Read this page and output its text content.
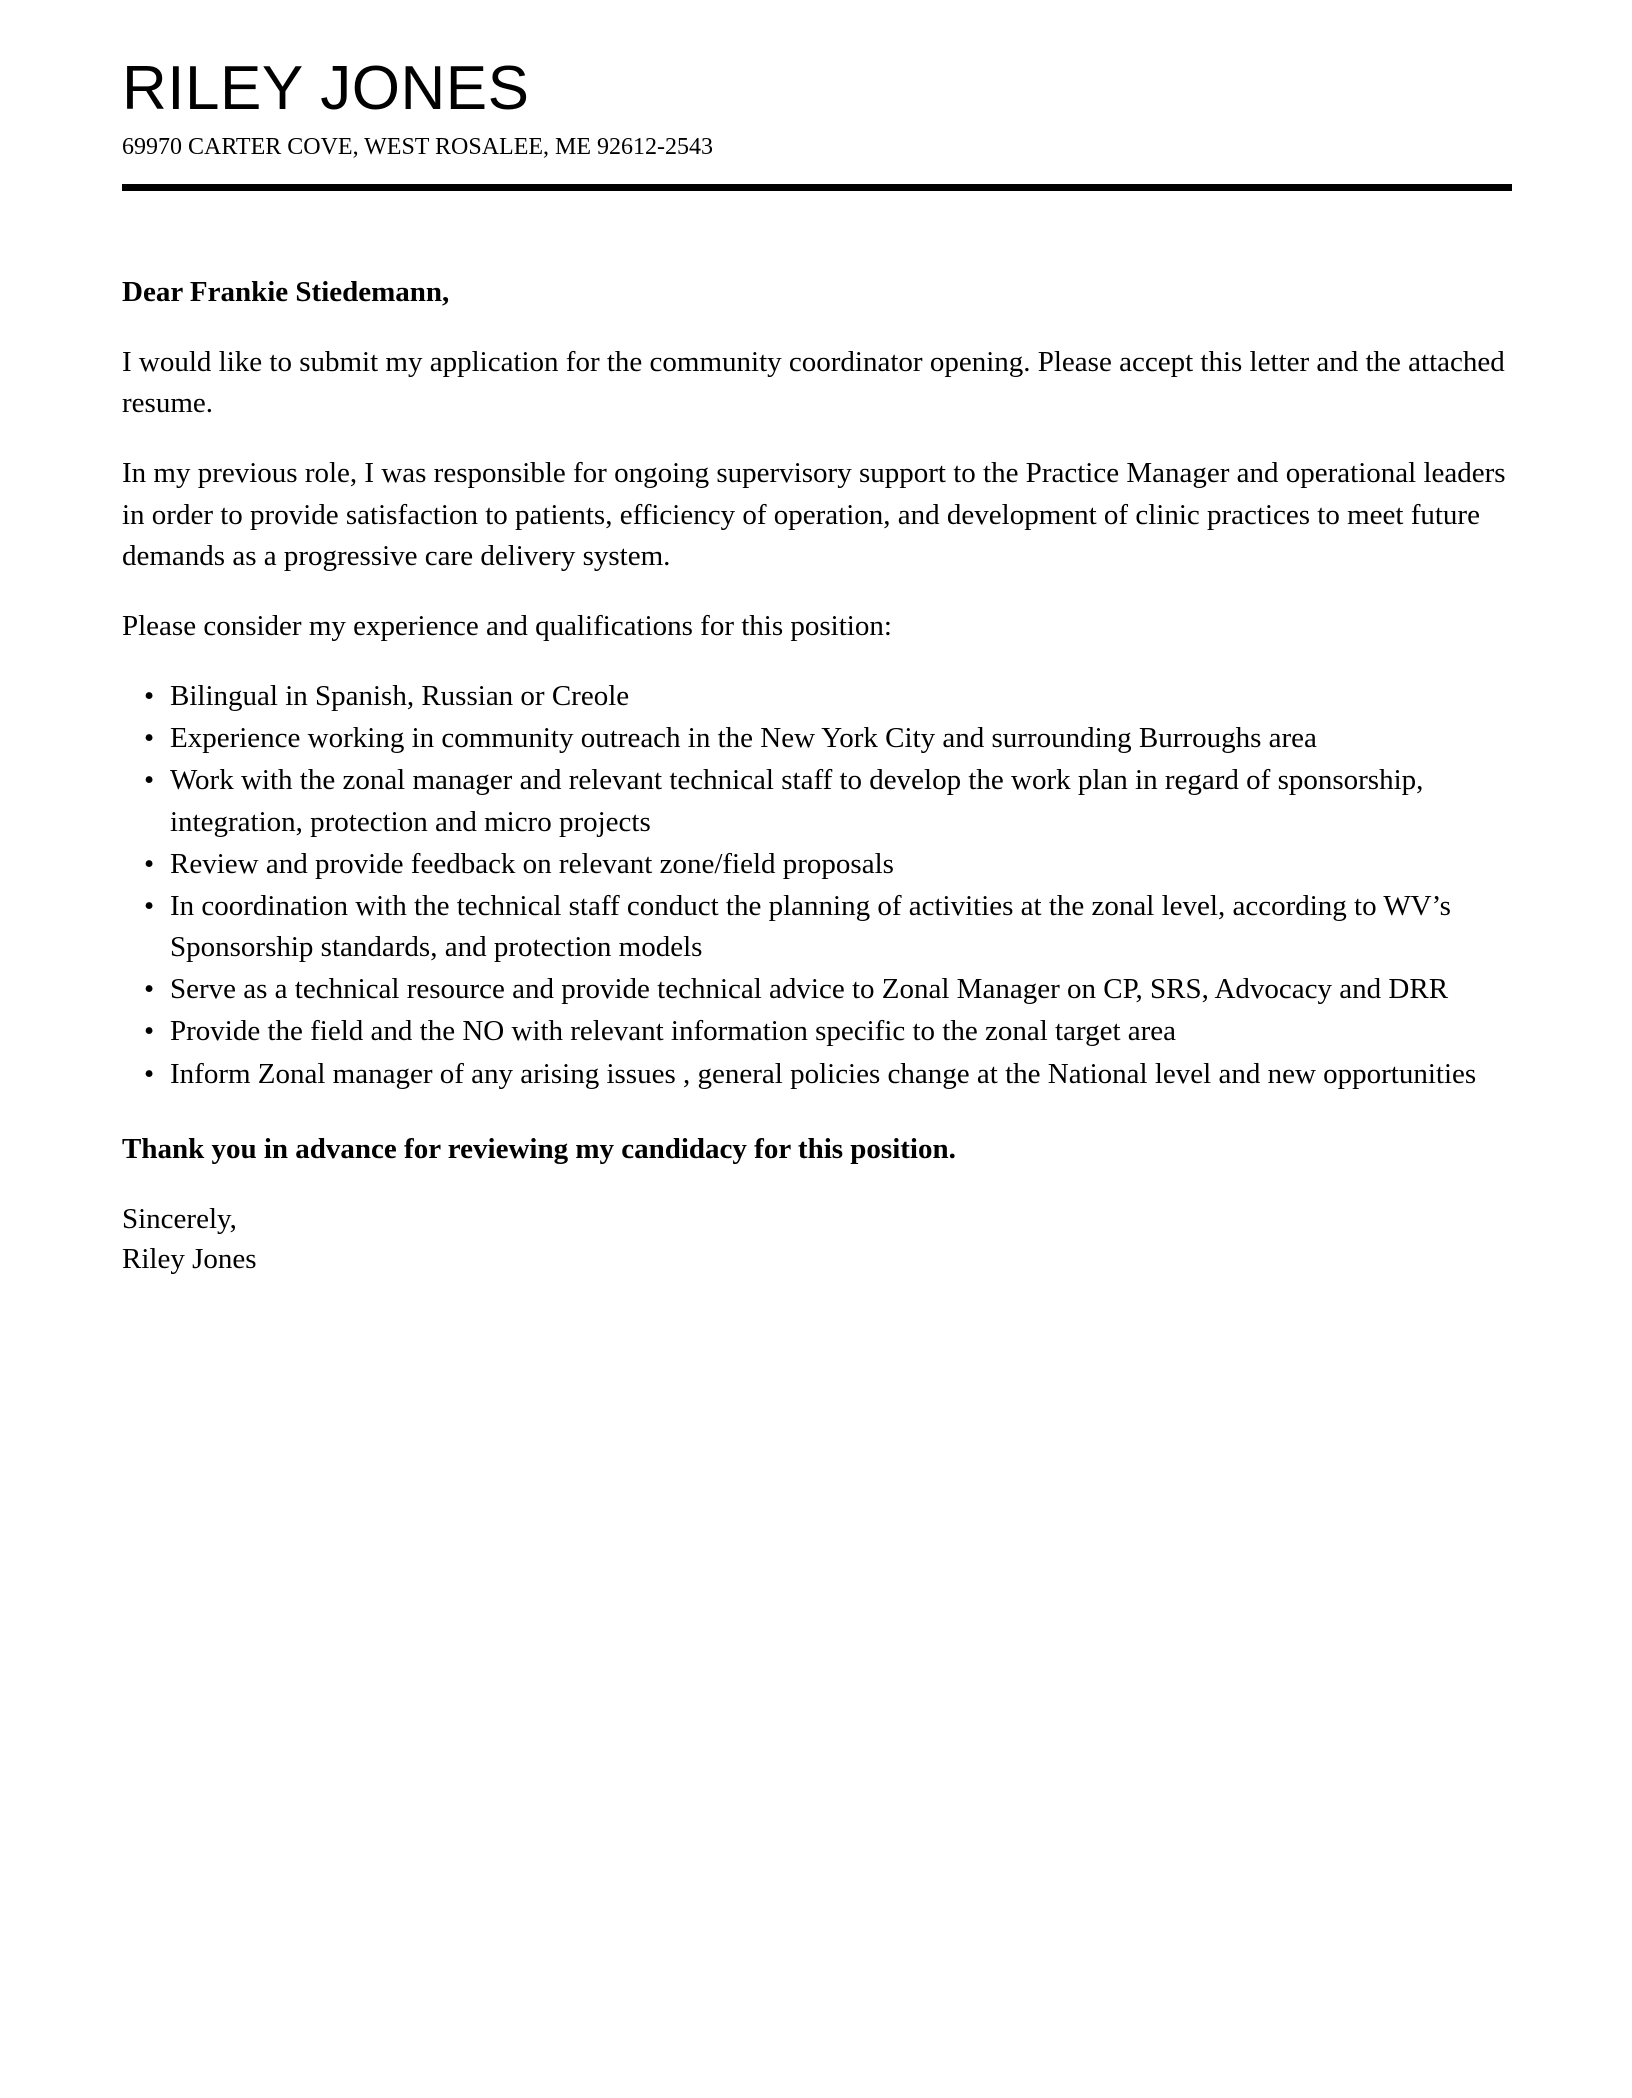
RILEY JONES

69970 CARTER COVE, WEST ROSALEE, ME 92612-2543

Dear Frankie Stiedemann,

I would like to submit my application for the community coordinator opening. Please accept this letter and the attached resume.

In my previous role, I was responsible for ongoing supervisory support to the Practice Manager and operational leaders in order to provide satisfaction to patients, efficiency of operation, and development of clinic practices to meet future demands as a progressive care delivery system.

Please consider my experience and qualifications for this position:

• Bilingual in Spanish, Russian or Creole
• Experience working in community outreach in the New York City and surrounding Burroughs area
• Work with the zonal manager and relevant technical staff to develop the work plan in regard of sponsorship, integration, protection and micro projects
• Review and provide feedback on relevant zone/field proposals
• In coordination with the technical staff conduct the planning of activities at the zonal level, according to WV’s Sponsorship standards, and protection models
• Serve as a technical resource and provide technical advice to Zonal Manager on CP, SRS, Advocacy and DRR
• Provide the field and the NO with relevant information specific to the zonal target area
• Inform Zonal manager of any arising issues , general policies change at the National level and new opportunities

Thank you in advance for reviewing my candidacy for this position.

Sincerely,

Riley Jones
